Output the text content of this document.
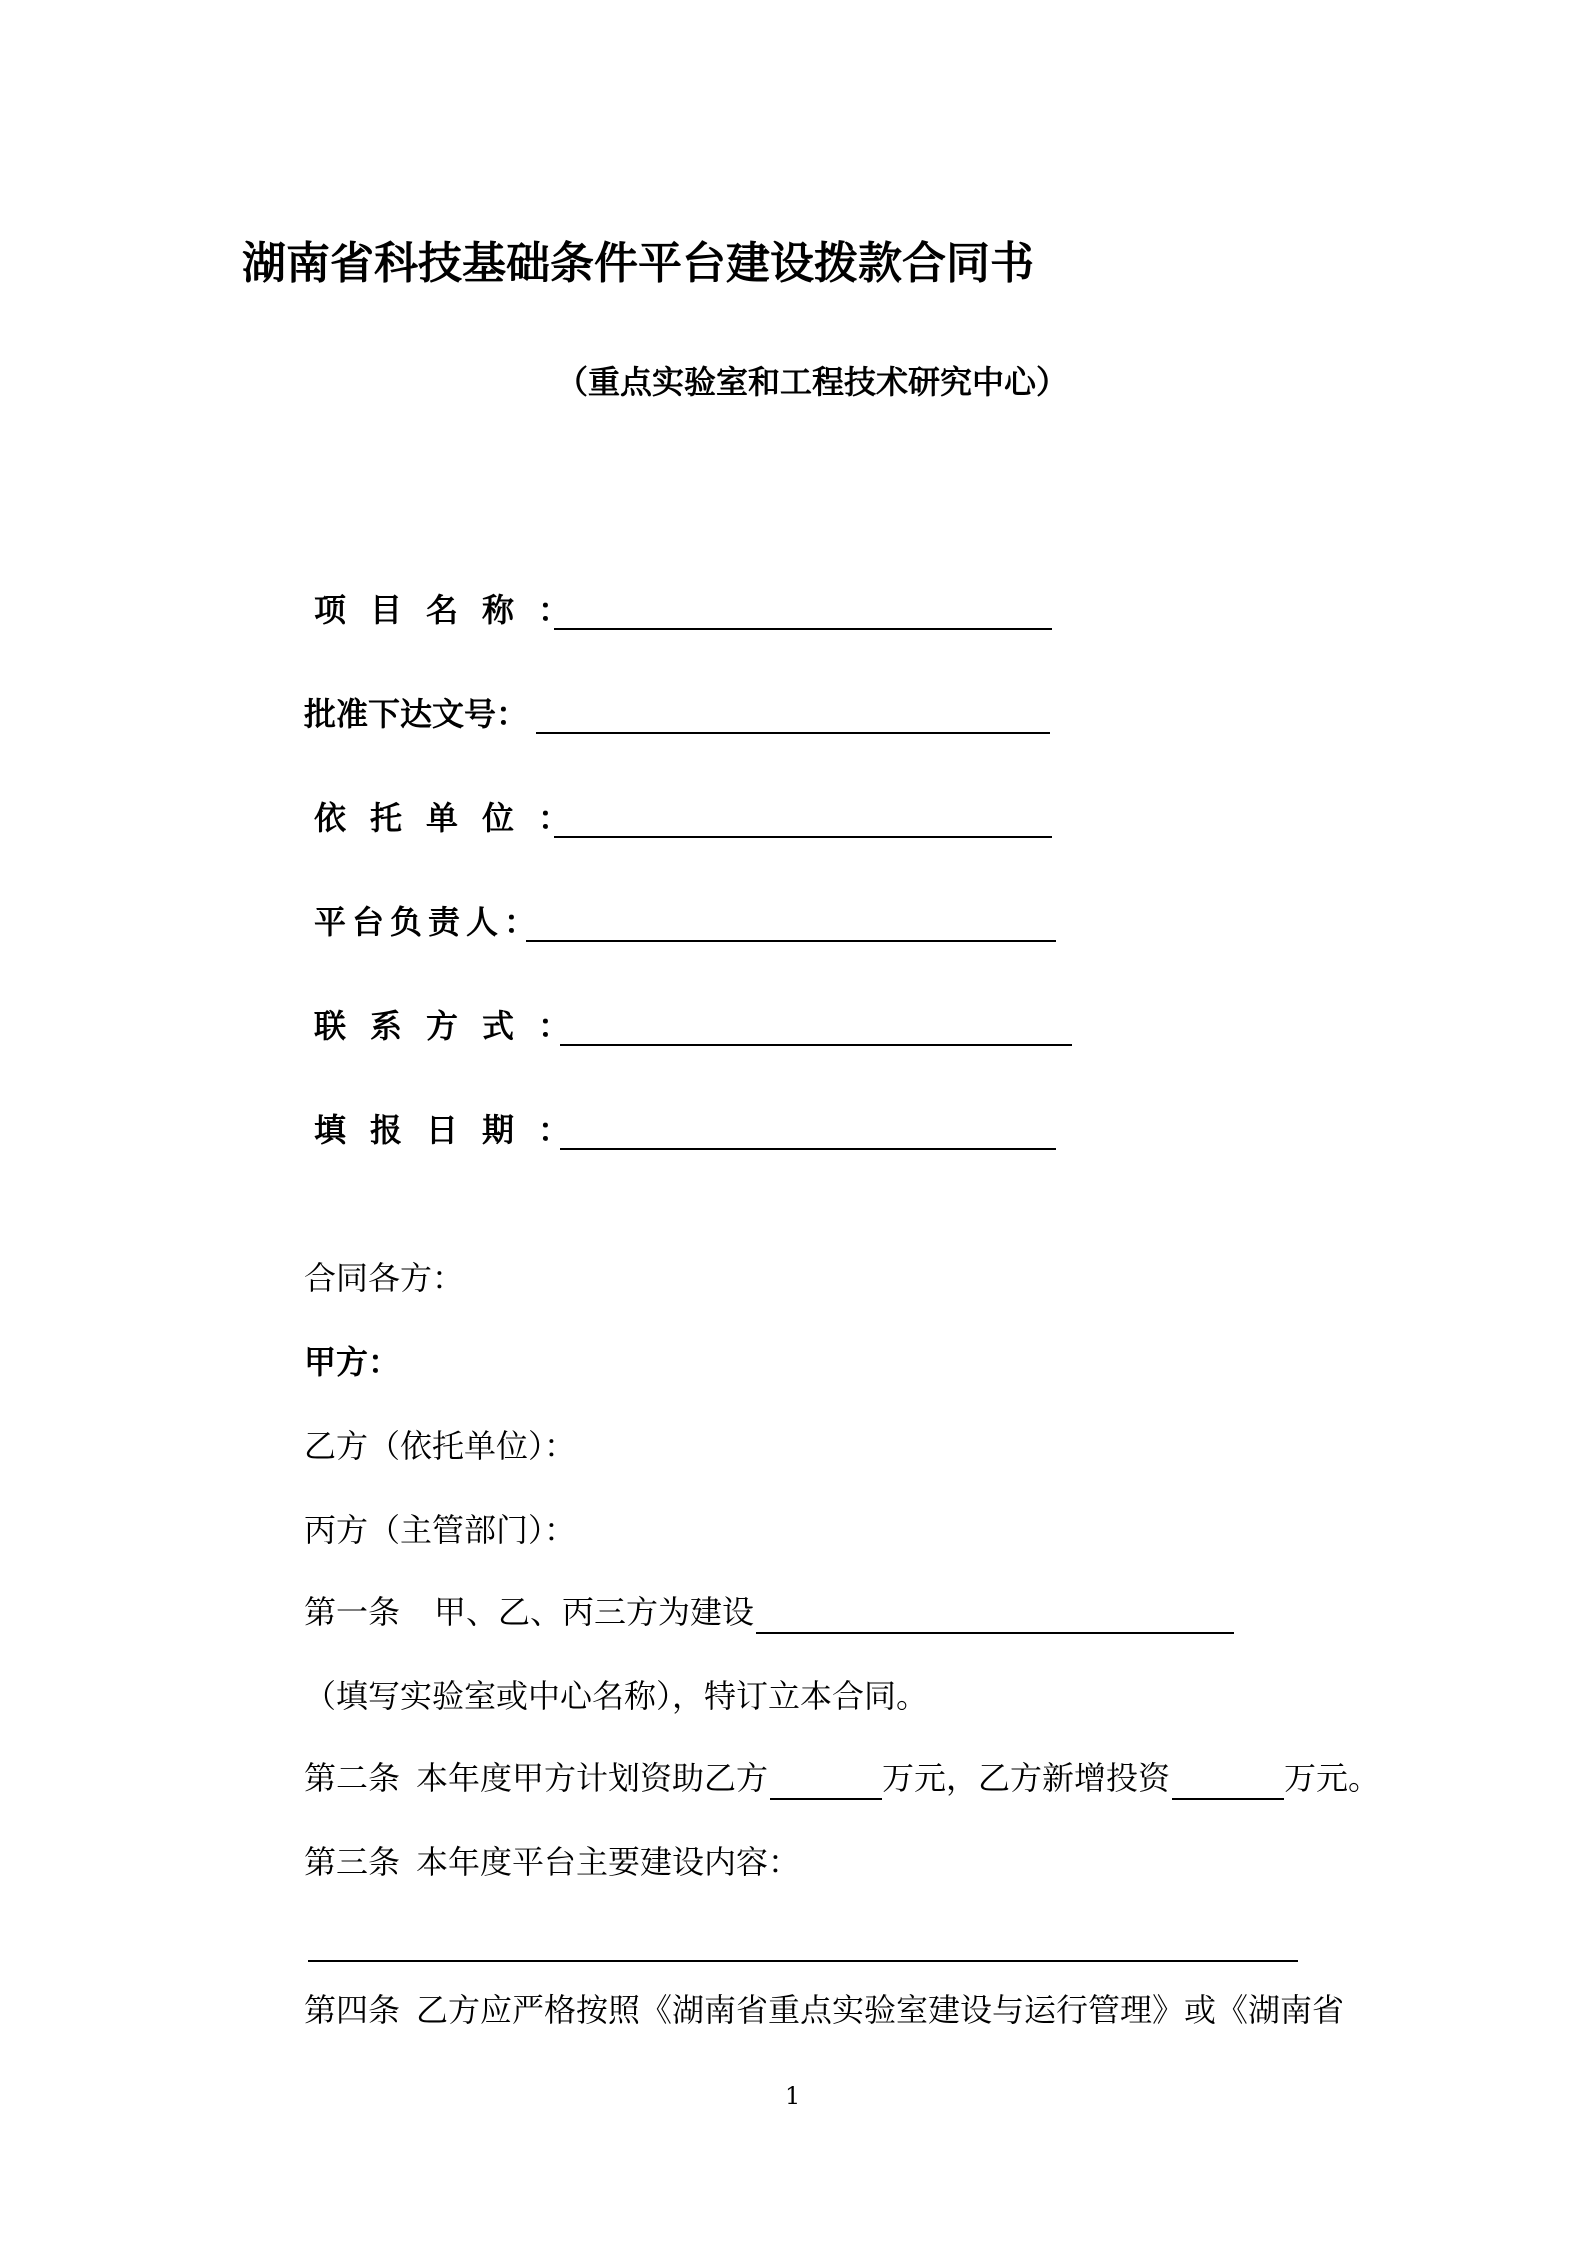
湖南省科技基础条件平台建设拨款合同书
（重点实验室和工程技术研究中心）
项目名称：
批准下达文号：
依托单位：
平台负责人：
联系方式：
填报日期：
合同各方：
甲方：
乙方（依托单位）：
丙方（主管部门）：
第一条 甲、乙、丙三方为建设
（填写实验室或中心名称），特订立本合同。
第二条 本年度甲方计划资助乙方	万元，乙方新增投资	万元。
第三条 本年度平台主要建设内容：
第四条 乙方应严格按照《湖南省重点实验室建设与运行管理》或《湖南省
1
